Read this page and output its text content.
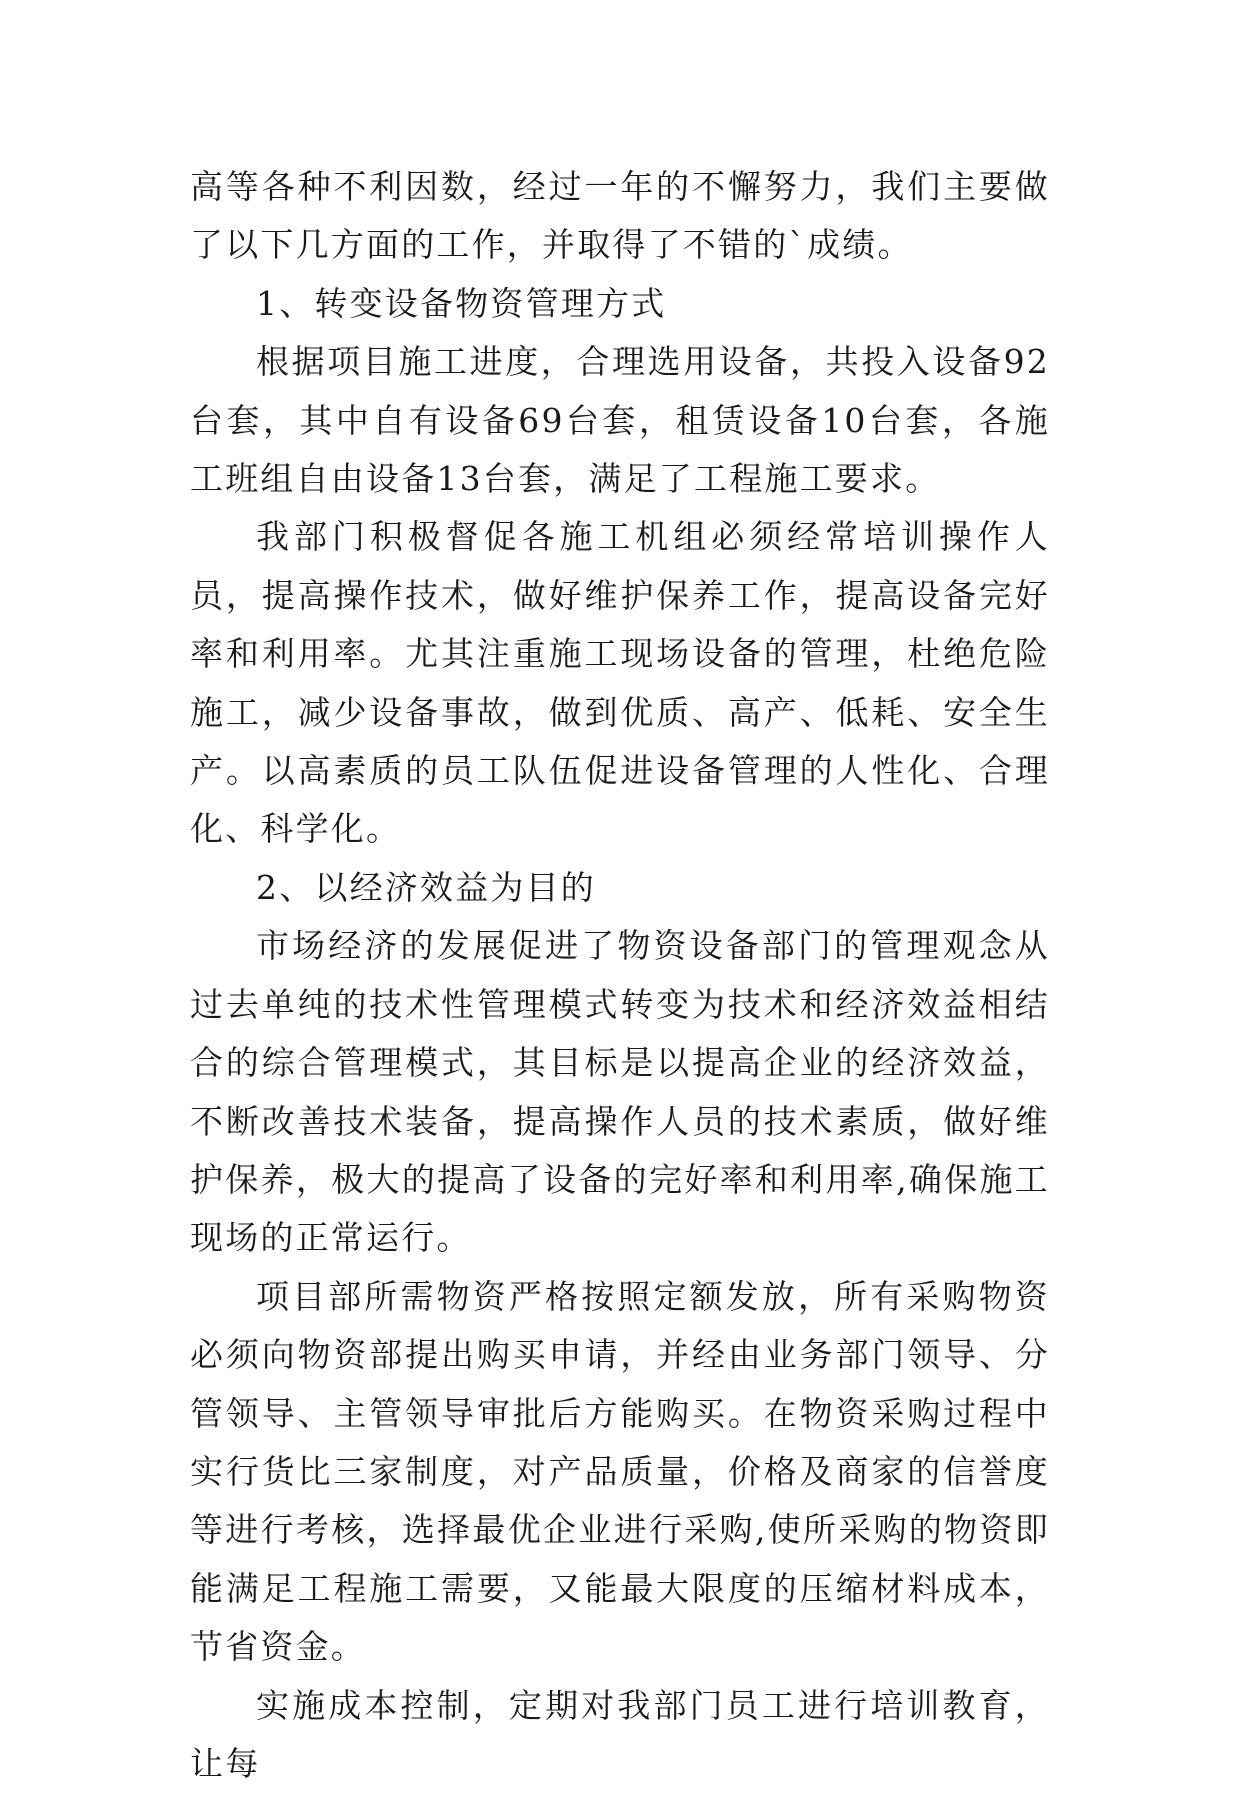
高等各种不利因数，经过一年的不懈努力，我们主要做了以下几方面的工作，并取得了不错的`成绩。

1、转变设备物资管理方式

根据项目施工进度，合理选用设备，共投入设备92台套，其中自有设备69台套，租赁设备10台套，各施工班组自由设备13台套，满足了工程施工要求。

我部门积极督促各施工机组必须经常培训操作人员，提高操作技术，做好维护保养工作，提高设备完好率和利用率。尤其注重施工现场设备的管理，杜绝危险施工，减少设备事故，做到优质、高产、低耗、安全生产。以高素质的员工队伍促进设备管理的人性化、合理化、科学化。

2、以经济效益为目的

市场经济的发展促进了物资设备部门的管理观念从过去单纯的技术性管理模式转变为技术和经济效益相结合的综合管理模式，其目标是以提高企业的经济效益，不断改善技术装备，提高操作人员的技术素质，做好维护保养，极大的提高了设备的完好率和利用率,确保施工现场的正常运行。

项目部所需物资严格按照定额发放，所有采购物资必须向物资部提出购买申请，并经由业务部门领导、分管领导、主管领导审批后方能购买。在物资采购过程中实行货比三家制度，对产品质量，价格及商家的信誉度等进行考核，选择最优企业进行采购,使所采购的物资即能满足工程施工需要，又能最大限度的压缩材料成本，节省资金。

实施成本控制，定期对我部门员工进行培训教育，让每
